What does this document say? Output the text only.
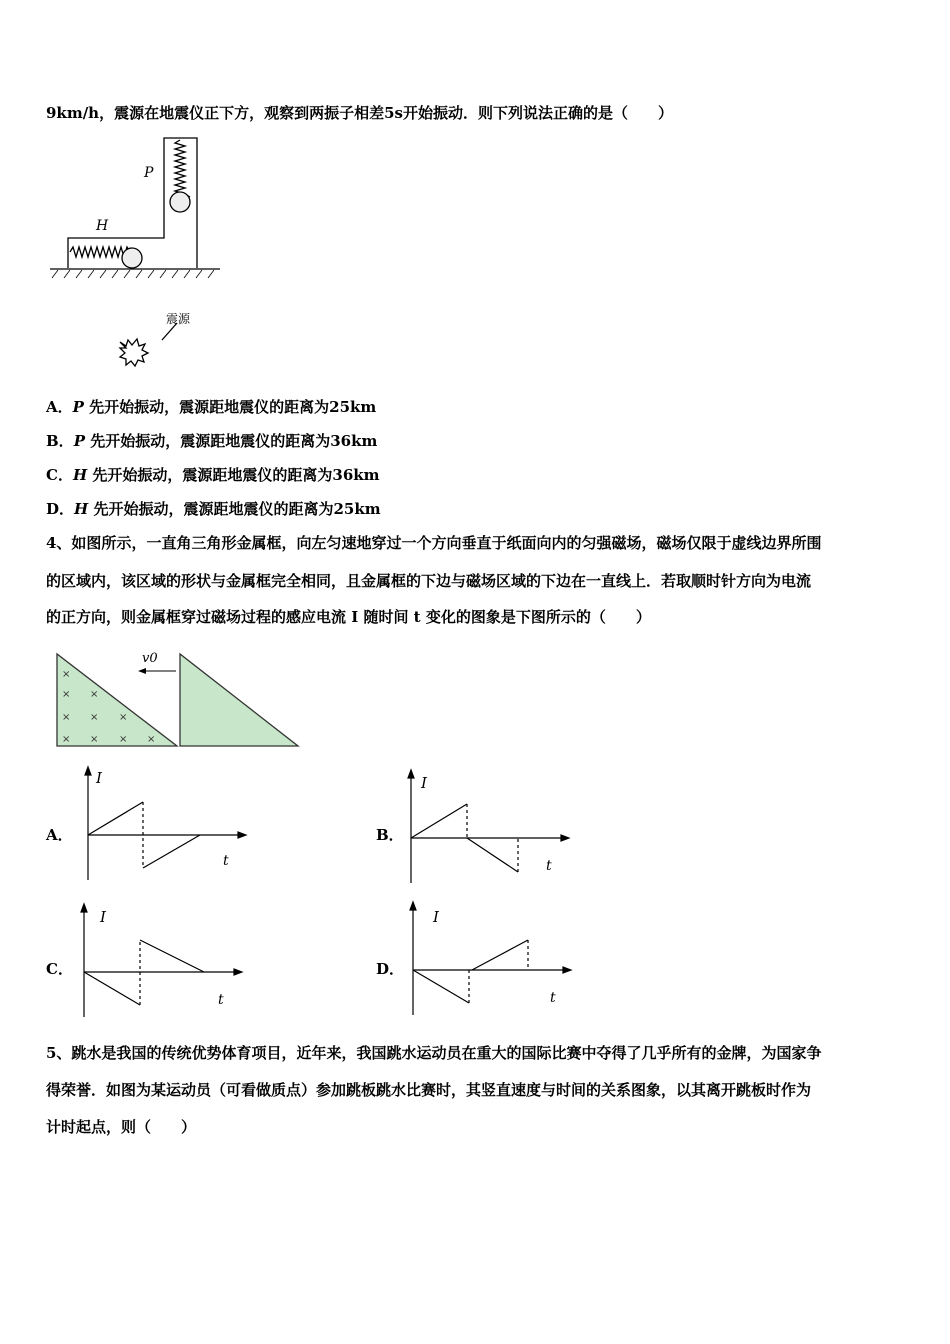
9km/h，震源在地震仪正下方，观察到两振子相差5s开始振动．则下列说法正确的是（　　）
P
H
震源
A．P 先开始振动，震源距地震仪的距离为25km
B．P 先开始振动，震源距地震仪的距离为36km
C．H 先开始振动，震源距地震仪的距离为36km
D．H 先开始振动，震源距地震仪的距离为25km
4、如图所示，一直角三角形金属框，向左匀速地穿过一个方向垂直于纸面向内的匀强磁场，磁场仅限于虚线边界所围
的区域内，该区域的形状与金属框完全相同，且金属框的下边与磁场区域的下边在一直线上．若取顺时针方向为电流
的正方向，则金属框穿过磁场过程的感应电流 I 随时间 t 变化的图象是下图所示的（　　）
×
× ×
× × ×
× × × ×
v0
A．
I
t
B．
I
t
C．
I
t
D．
I
t
5、跳水是我国的传统优势体育项目，近年来，我国跳水运动员在重大的国际比赛中夺得了几乎所有的金牌，为国家争
得荣誉．如图为某运动员（可看做质点）参加跳板跳水比赛时，其竖直速度与时间的关系图象，以其离开跳板时作为
计时起点，则（　　）
